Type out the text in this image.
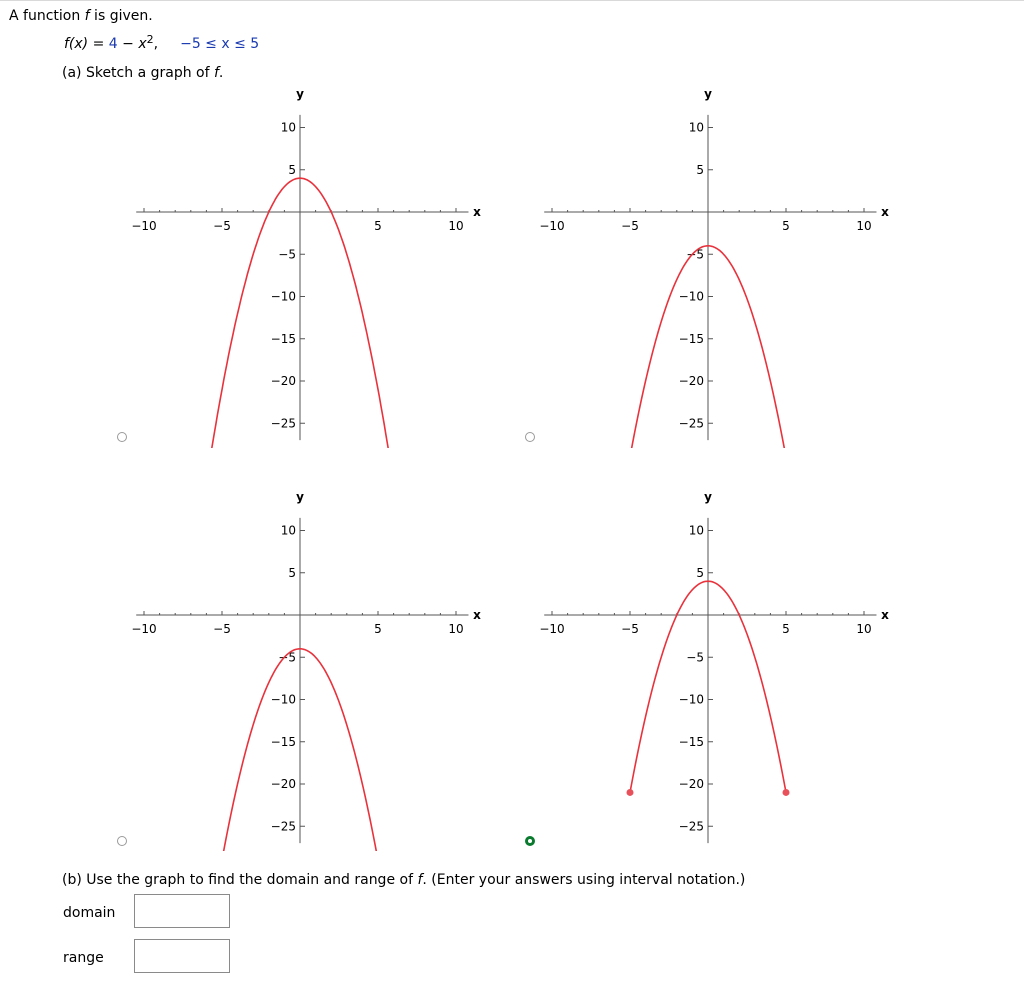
A function f is given.
$f(x) = 4 - x^2$, −5 ≤ x ≤ 5
(a) Sketch a graph of f.
−10	−5	5	10
10
5
−5
−10
−15
−20
−25
x
y
−10	−5	5	10
10
5
−5
−10
−15
−20
−25
x
y
−10	−5	5	10
10
5
−5
−10
−15
−20
−25
x
y
−10	−5	5	10
10
5
−5
−10
−15
−20
−25
x
y
(b) Use the graph to find the domain and range of f. (Enter your answers using interval notation.)
domain
range
